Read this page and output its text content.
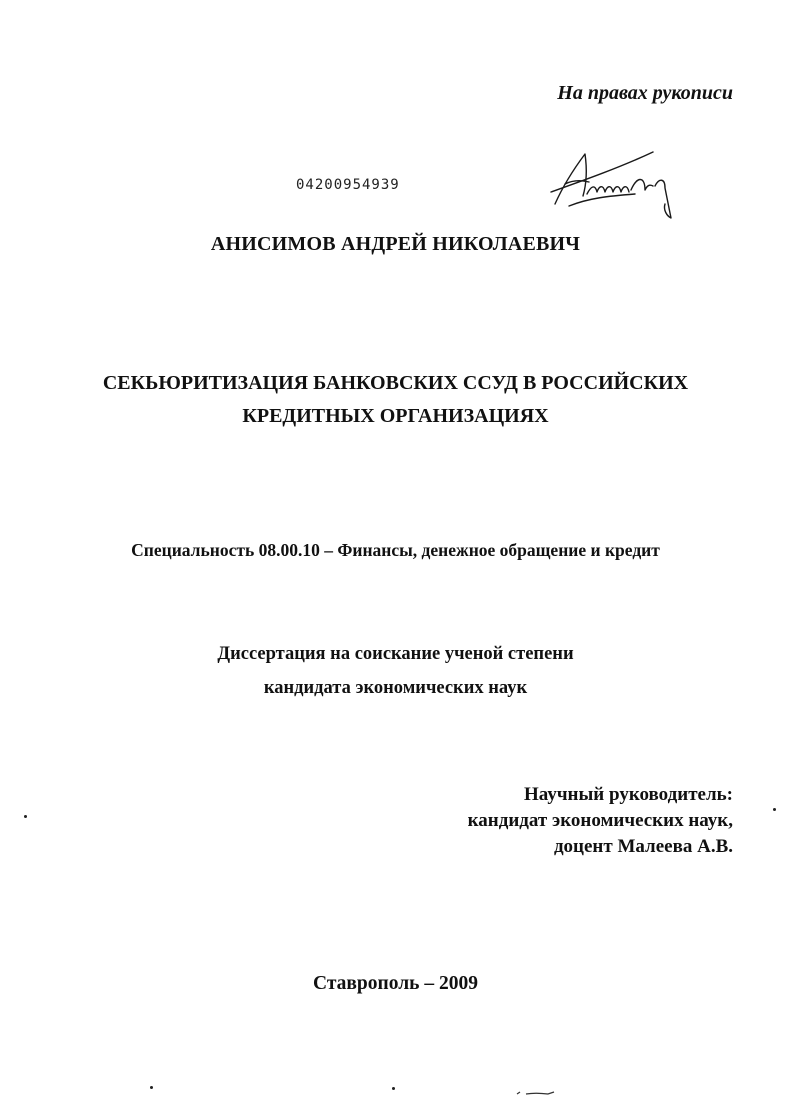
На правах рукописи
04200954939
АНИСИМОВ АНДРЕЙ НИКОЛАЕВИЧ
СЕКЬЮРИТИЗАЦИЯ БАНКОВСКИХ ССУД В РОССИЙСКИХ
КРЕДИТНЫХ ОРГАНИЗАЦИЯХ
Специальность 08.00.10 – Финансы, денежное обращение и кредит
Диссертация на соискание ученой степени
кандидата экономических наук
Научный руководитель:
кандидат экономических наук,
доцент Малеева А.В.
Ставрополь – 2009
